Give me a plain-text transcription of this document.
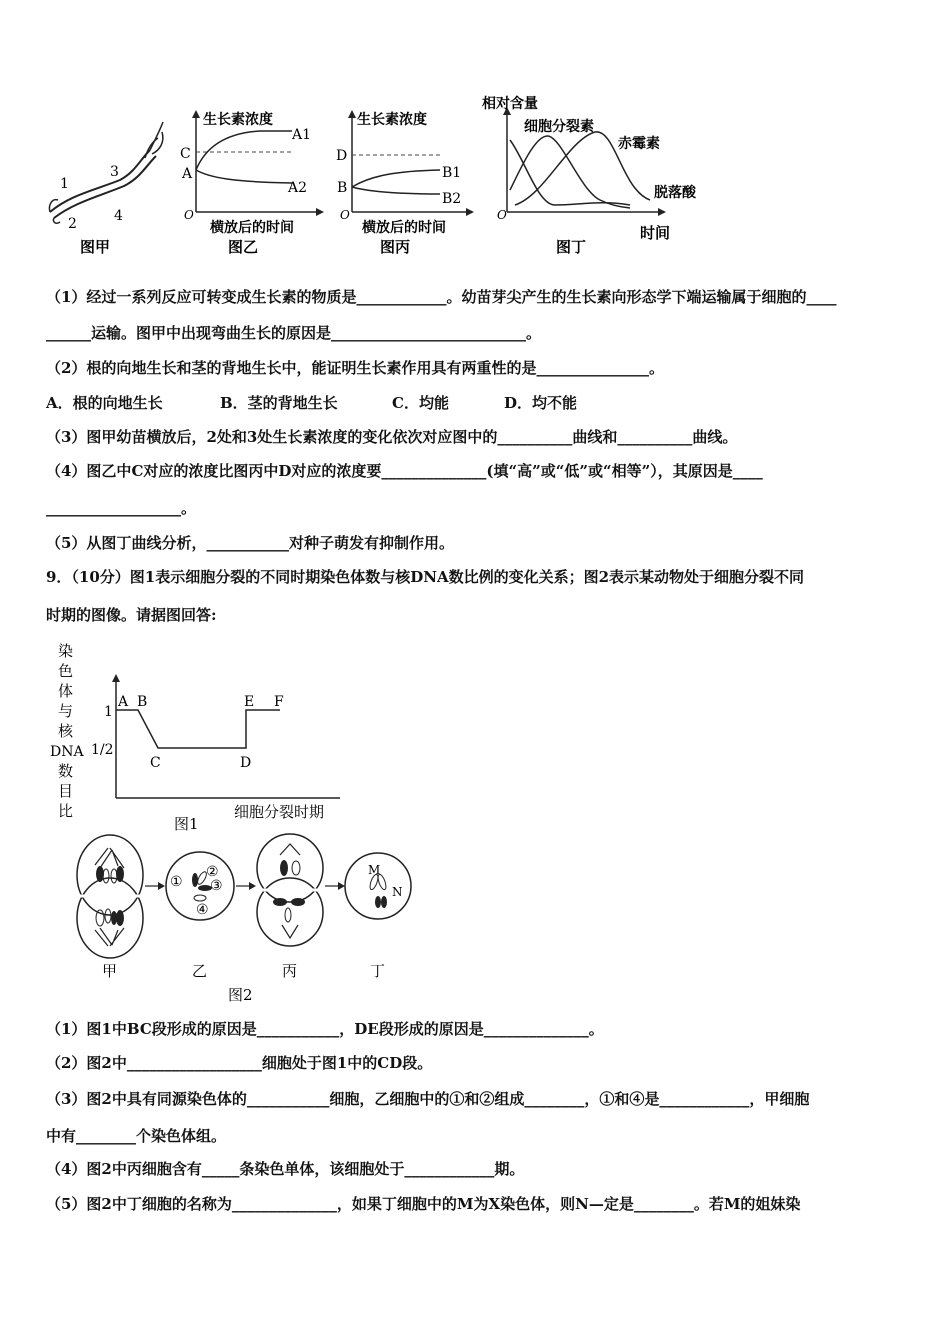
1
2
3
4
图甲
生长素浓度
O
C
A
A1
A2
横放后的时间
图乙
生长素浓度
O
D
B
B1
B2
横放后的时间
图丙
相对含量
O
细胞分裂素
赤霉素
脱落酸
时间
图丁
（1）经过一系列反应可转变成生长素的物质是____________。幼苗芽尖产生的生长素向形态学下端运输属于细胞的____
______运输。图甲中出现弯曲生长的原因是__________________________。
（2）根的向地生长和茎的背地生长中，能证明生长素作用具有两重性的是_______________。
A．根的向地生长	B．茎的背地生长	C．均能	D．均不能
（3）图甲幼苗横放后，2处和3处生长素浓度的变化依次对应图中的__________曲线和__________曲线。
（4）图乙中C对应的浓度比图丙中D对应的浓度要______________(填“高”或“低”或“相等”），其原因是____
__________________。
（5）从图丁曲线分析，___________对种子萌发有抑制作用。
9．（10分）图1表示细胞分裂的不同时期染色体数与核DNA数比例的变化关系；图2表示某动物处于细胞分裂不同
时期的图像。请据图回答:
染
色
体
与
核
DNA
数
目
比
1
1/2
A B
C	D
E F
细胞分裂时期
图1
甲
①
②
③
④
乙	丙
M
N
丁
图2
（1）图1中BC段形成的原因是___________，DE段形成的原因是______________。
（2）图2中__________________细胞处于图1中的CD段。
（3）图2中具有同源染色体的___________细胞，乙细胞中的①和②组成________，①和④是____________，甲细胞
中有________个染色体组。
（4）图2中丙细胞含有_____条染色单体，该细胞处于____________期。
（5）图2中丁细胞的名称为______________，如果丁细胞中的M为X染色体，则N—定是________。若M的姐妹染
